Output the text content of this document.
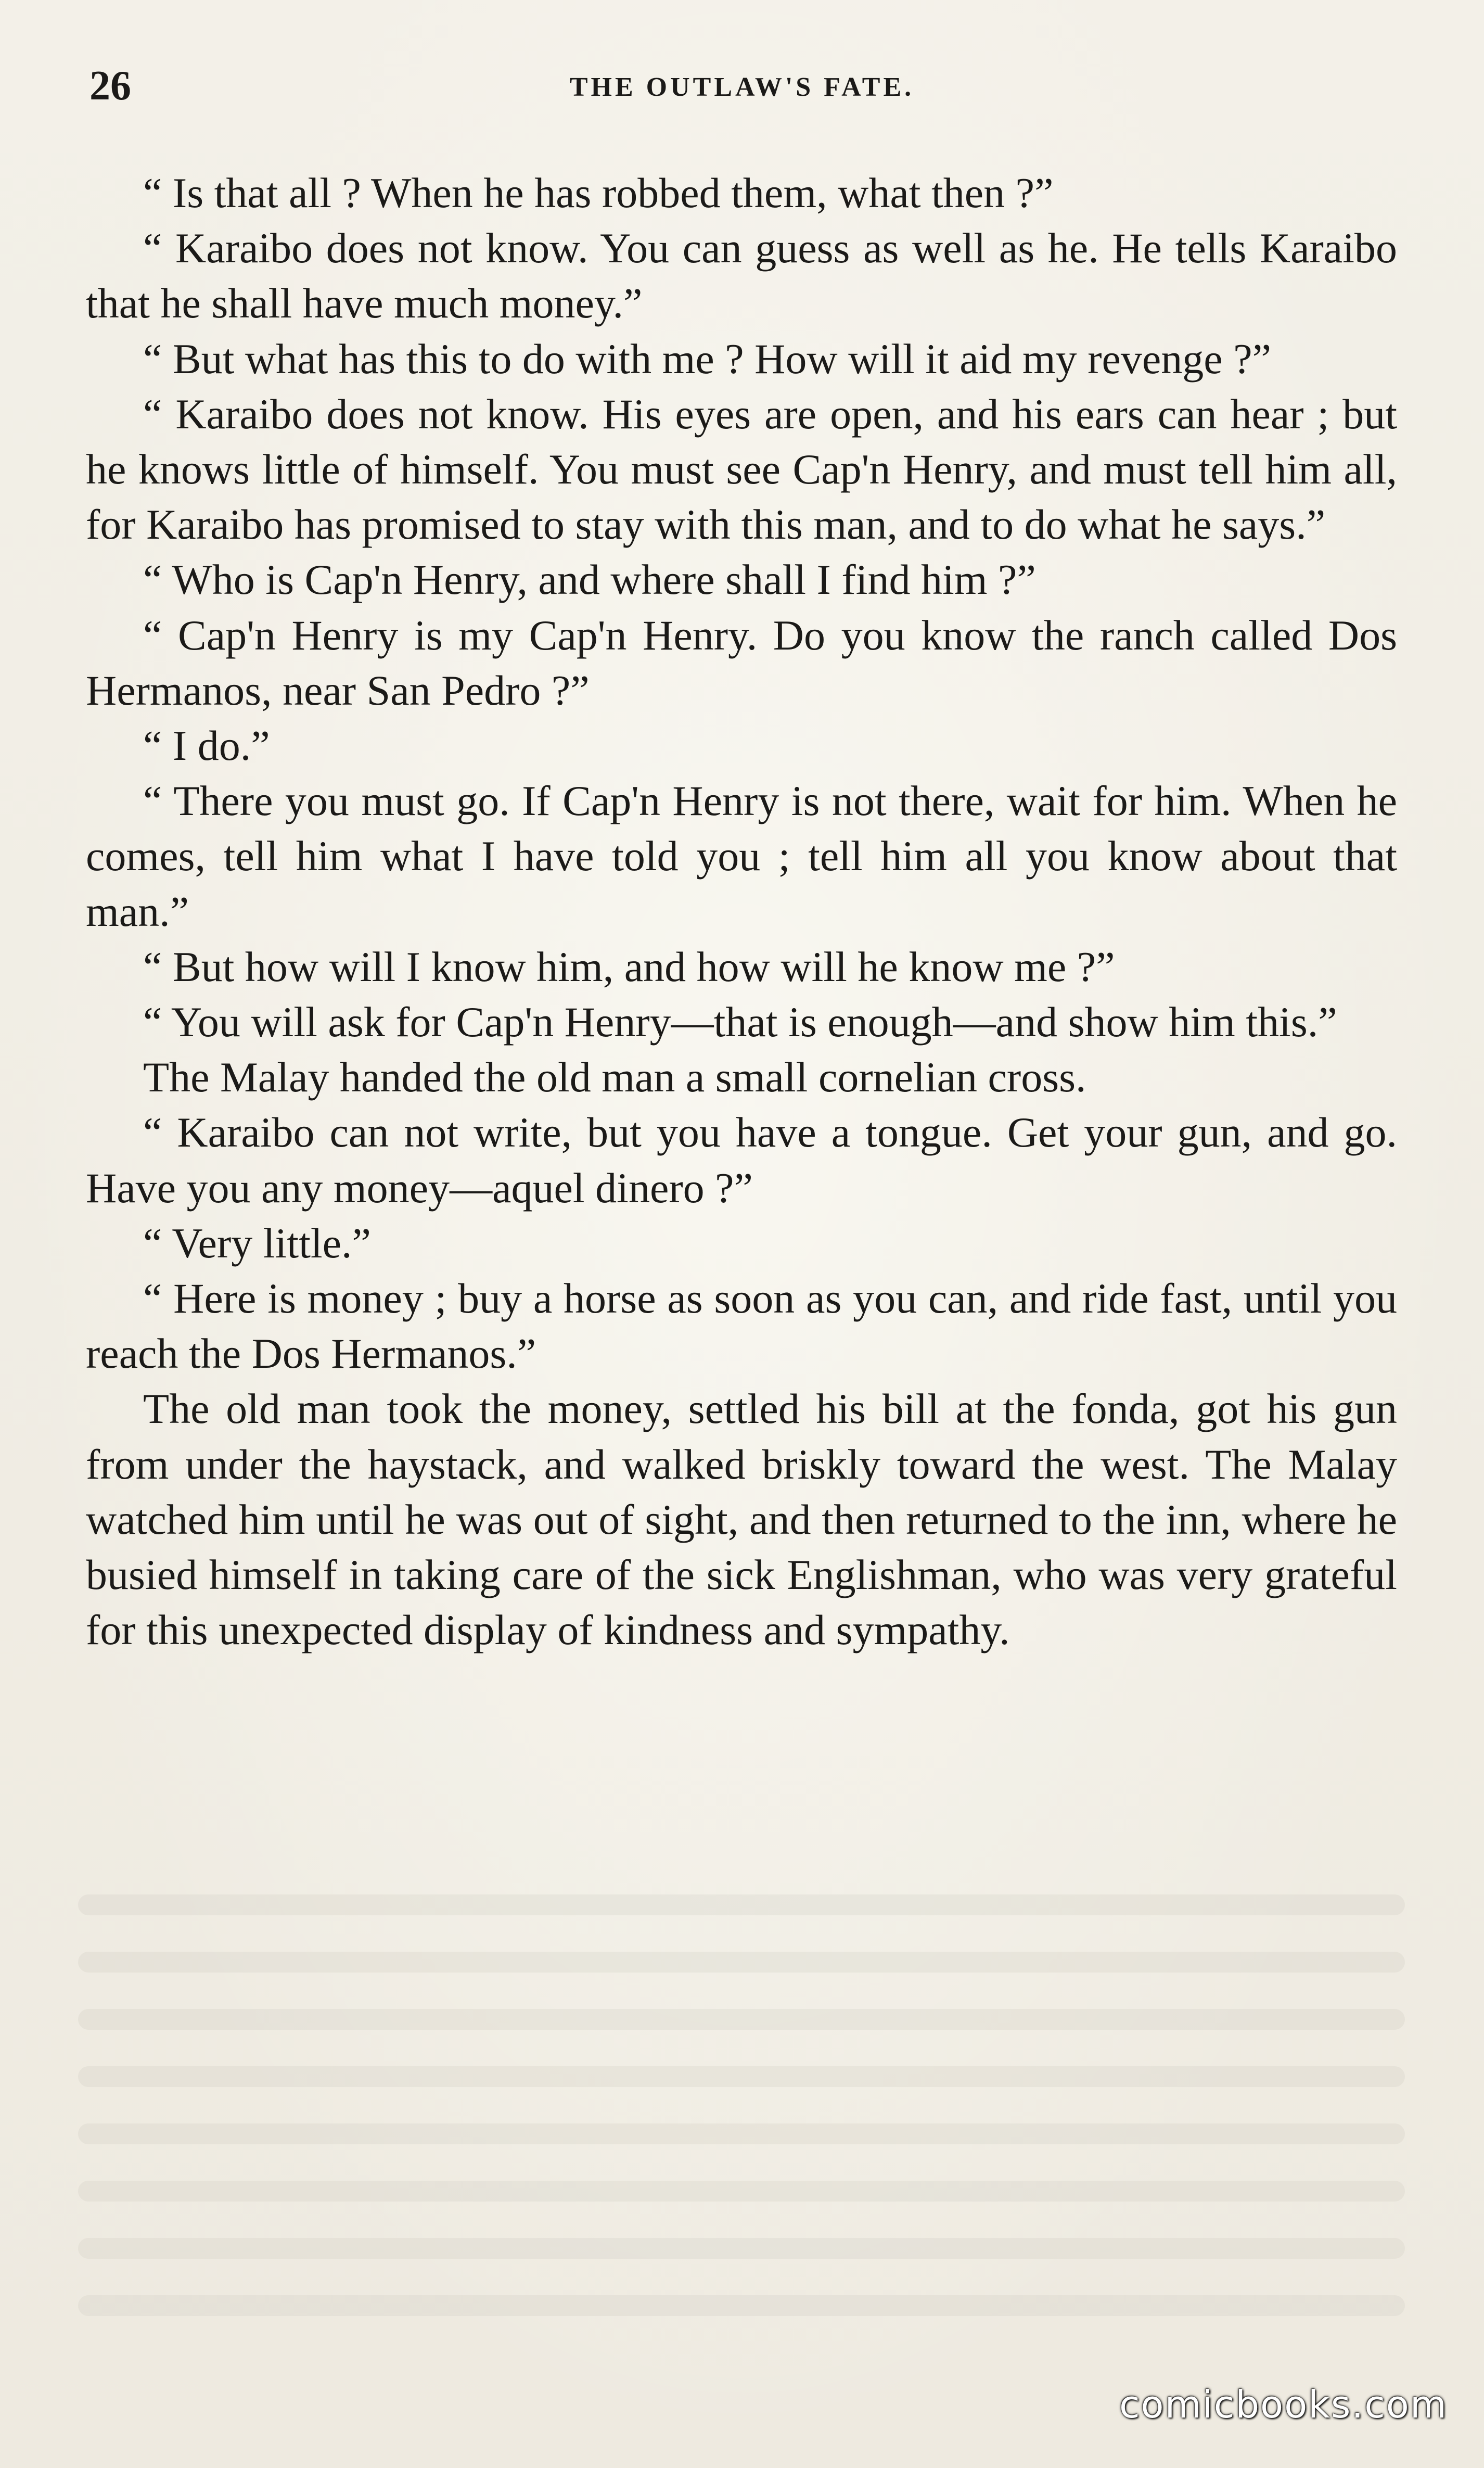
26	THE OUTLAW'S FATE.

“ Is that all ? When he has robbed them, what then ?”

“ Karaibo does not know. You can guess as well as he. He tells Karaibo that he shall have much money.”

“ But what has this to do with me ? How will it aid my revenge ?”

“ Karaibo does not know. His eyes are open, and his ears can hear ; but he knows little of himself. You must see Cap'n Henry, and must tell him all, for Karaibo has promised to stay with this man, and to do what he says.”

“ Who is Cap'n Henry, and where shall I find him ?”

“ Cap'n Henry is my Cap'n Henry. Do you know the ranch called Dos Hermanos, near San Pedro ?”

“ I do.”

“ There you must go. If Cap'n Henry is not there, wait for him. When he comes, tell him what I have told you ; tell him all you know about that man.”

“ But how will I know him, and how will he know me ?”

“ You will ask for Cap'n Henry—that is enough—and show him this.”

The Malay handed the old man a small cornelian cross.

“ Karaibo can not write, but you have a tongue. Get your gun, and go. Have you any money—aquel dinero ?”

“ Very little.”

“ Here is money ; buy a horse as soon as you can, and ride fast, until you reach the Dos Hermanos.”

The old man took the money, settled his bill at the fonda, got his gun from under the haystack, and walked briskly toward the west. The Malay watched him until he was out of sight, and then returned to the inn, where he busied himself in taking care of the sick Englishman, who was very grateful for this unexpected display of kindness and sympathy.

comicbooks.com
